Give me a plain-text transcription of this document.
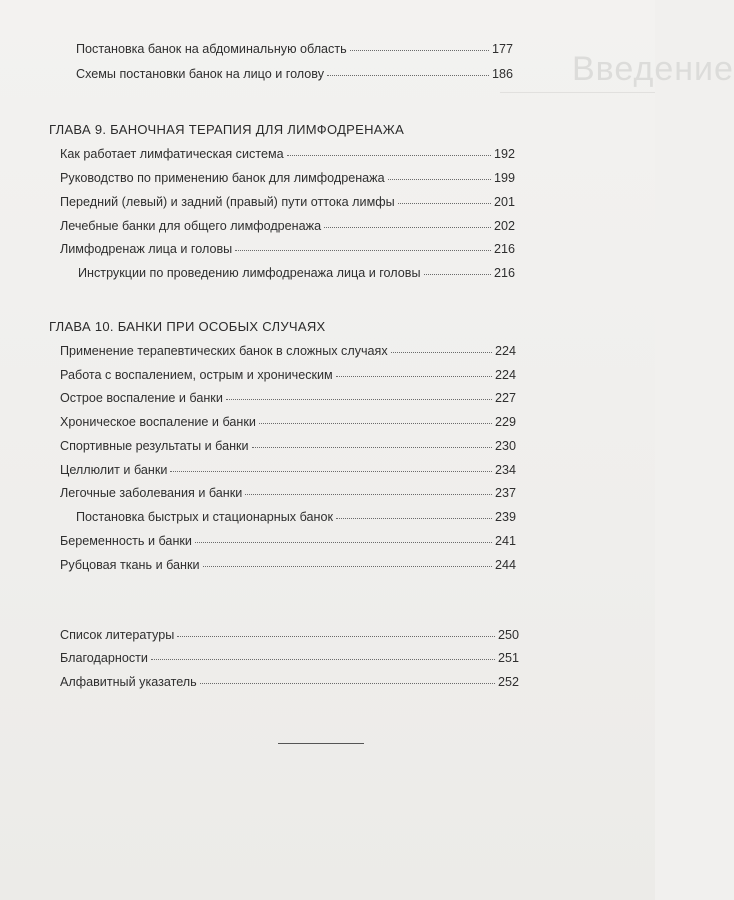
Введение
Постановка банок на абдоминальную область	177
Схемы постановки банок на лицо и голову	186
ГЛАВА 9. БАНОЧНАЯ ТЕРАПИЯ ДЛЯ ЛИМФОДРЕНАЖА
Как работает лимфатическая система	192
Руководство по применению банок для лимфодренажа	199
Передний (левый) и задний (правый) пути оттока лимфы	201
Лечебные банки для общего лимфодренажа	202
Лимфодренаж лица и головы	216
Инструкции по проведению лимфодренажа лица и головы	216
ГЛАВА 10. БАНКИ ПРИ ОСОБЫХ СЛУЧАЯХ
Применение терапевтических банок в сложных случаях	224
Работа с воспалением, острым и хроническим	224
Острое воспаление и банки	227
Хроническое воспаление и банки	229
Спортивные результаты и банки	230
Целлюлит и банки	234
Легочные заболевания и банки	237
Постановка быстрых и стационарных банок	239
Беременность и банки	241
Рубцовая ткань и банки	244
Список литературы	250
Благодарности	251
Алфавитный указатель	252
